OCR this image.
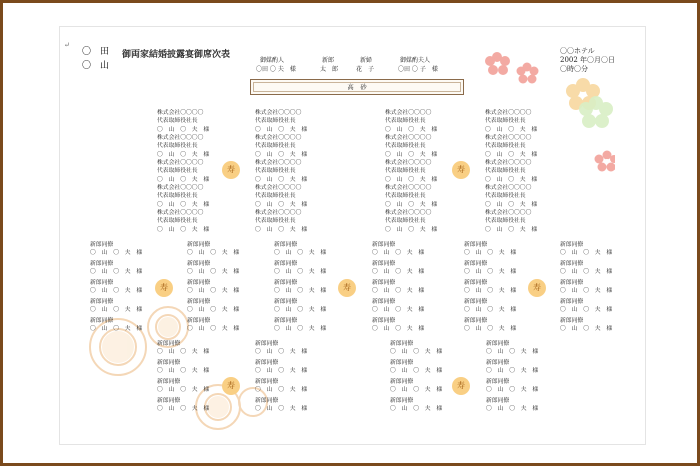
↵
〇　田
〇　山
御両家結婚披露宴御席次表
御媒酌人
〇田 〇 夫　様
新郎
太　郎
新婦
花　子
御媒酌夫人
〇田 〇 子　様
高　砂
〇〇ホテル
2002 年〇月〇日
〇時〇分
寿	寿
寿	寿	寿
寿	寿
株式会社〇〇〇〇
代表取締役社長
〇　山　〇　夫　様
株式会社〇〇〇〇
代表取締役社長
〇　山　〇　夫　様
株式会社〇〇〇〇
代表取締役社長
〇　山　〇　夫　様
株式会社〇〇〇〇
代表取締役社長
〇　山　〇　夫　様
株式会社〇〇〇〇
代表取締役社長
〇　山　〇　夫　様
株式会社〇〇〇〇
代表取締役社長
〇　山　〇　夫　様
株式会社〇〇〇〇
代表取締役社長
〇　山　〇　夫　様
株式会社〇〇〇〇
代表取締役社長
〇　山　〇　夫　様
株式会社〇〇〇〇
代表取締役社長
〇　山　〇　夫　様
株式会社〇〇〇〇
代表取締役社長
〇　山　〇　夫　様
株式会社〇〇〇〇
代表取締役社長
〇　山　〇　夫　様
株式会社〇〇〇〇
代表取締役社長
〇　山　〇　夫　様
株式会社〇〇〇〇
代表取締役社長
〇　山　〇　夫　様
株式会社〇〇〇〇
代表取締役社長
〇　山　〇　夫　様
株式会社〇〇〇〇
代表取締役社長
〇　山　〇　夫　様
株式会社〇〇〇〇
代表取締役社長
〇　山　〇　夫　様
株式会社〇〇〇〇
代表取締役社長
〇　山　〇　夫　様
株式会社〇〇〇〇
代表取締役社長
〇　山　〇　夫　様
株式会社〇〇〇〇
代表取締役社長
〇　山　〇　夫　様
株式会社〇〇〇〇
代表取締役社長
〇　山　〇　夫　様
新郎同僚
〇　山　〇　夫　様
新郎同僚
〇　山　〇　夫　様
新郎同僚
〇　山　〇　夫　様
新郎同僚
〇　山　〇　夫　様
新郎同僚
〇　山　〇　夫　様
新郎同僚
〇　山　〇　夫　様
新郎同僚
〇　山　〇　夫　様
新郎同僚
〇　山　〇　夫　様
新郎同僚
〇　山　〇　夫　様
新郎同僚
〇　山　〇　夫　様
新郎同僚
〇　山　〇　夫　様
新郎同僚
〇　山　〇　夫　様
新郎同僚
〇　山　〇　夫　様
新郎同僚
〇　山　〇　夫　様
新郎同僚
〇　山　〇　夫　様
新郎同僚
〇　山　〇　夫　様
新郎同僚
〇　山　〇　夫　様
新郎同僚
〇　山　〇　夫　様
新郎同僚
〇　山　〇　夫　様
新郎同僚
〇　山　〇　夫　様
新郎同僚
〇　山　〇　夫　様
新郎同僚
〇　山　〇　夫　様
新郎同僚
〇　山　〇　夫　様
新郎同僚
〇　山　〇　夫　様
新郎同僚
〇　山　〇　夫　様
新郎同僚
〇　山　〇　夫　様
新郎同僚
〇　山　〇　夫　様
新郎同僚
〇　山　〇　夫　様
新郎同僚
〇　山　〇　夫　様
新郎同僚
〇　山　〇　夫　様
新郎同僚
〇　山　〇　夫　様
新郎同僚
〇　山　〇　夫　様
新郎同僚
〇　山　〇　夫　様
新郎同僚
〇　山　〇　夫　様
新郎同僚
〇　山　〇　夫　様
新郎同僚
〇　山　〇　夫　様
新郎同僚
〇　山　〇　夫　様
新郎同僚
〇　山　〇　夫　様
新郎同僚
〇　山　〇　夫　様
新郎同僚
〇　山　〇　夫　様
新郎同僚
〇　山　〇　夫　様
新郎同僚
〇　山　〇　夫　様
新郎同僚
〇　山　〇　夫　様
新郎同僚
〇　山　〇　夫　様
新郎同僚
〇　山　〇　夫　様
新郎同僚
〇　山　〇　夫　様
